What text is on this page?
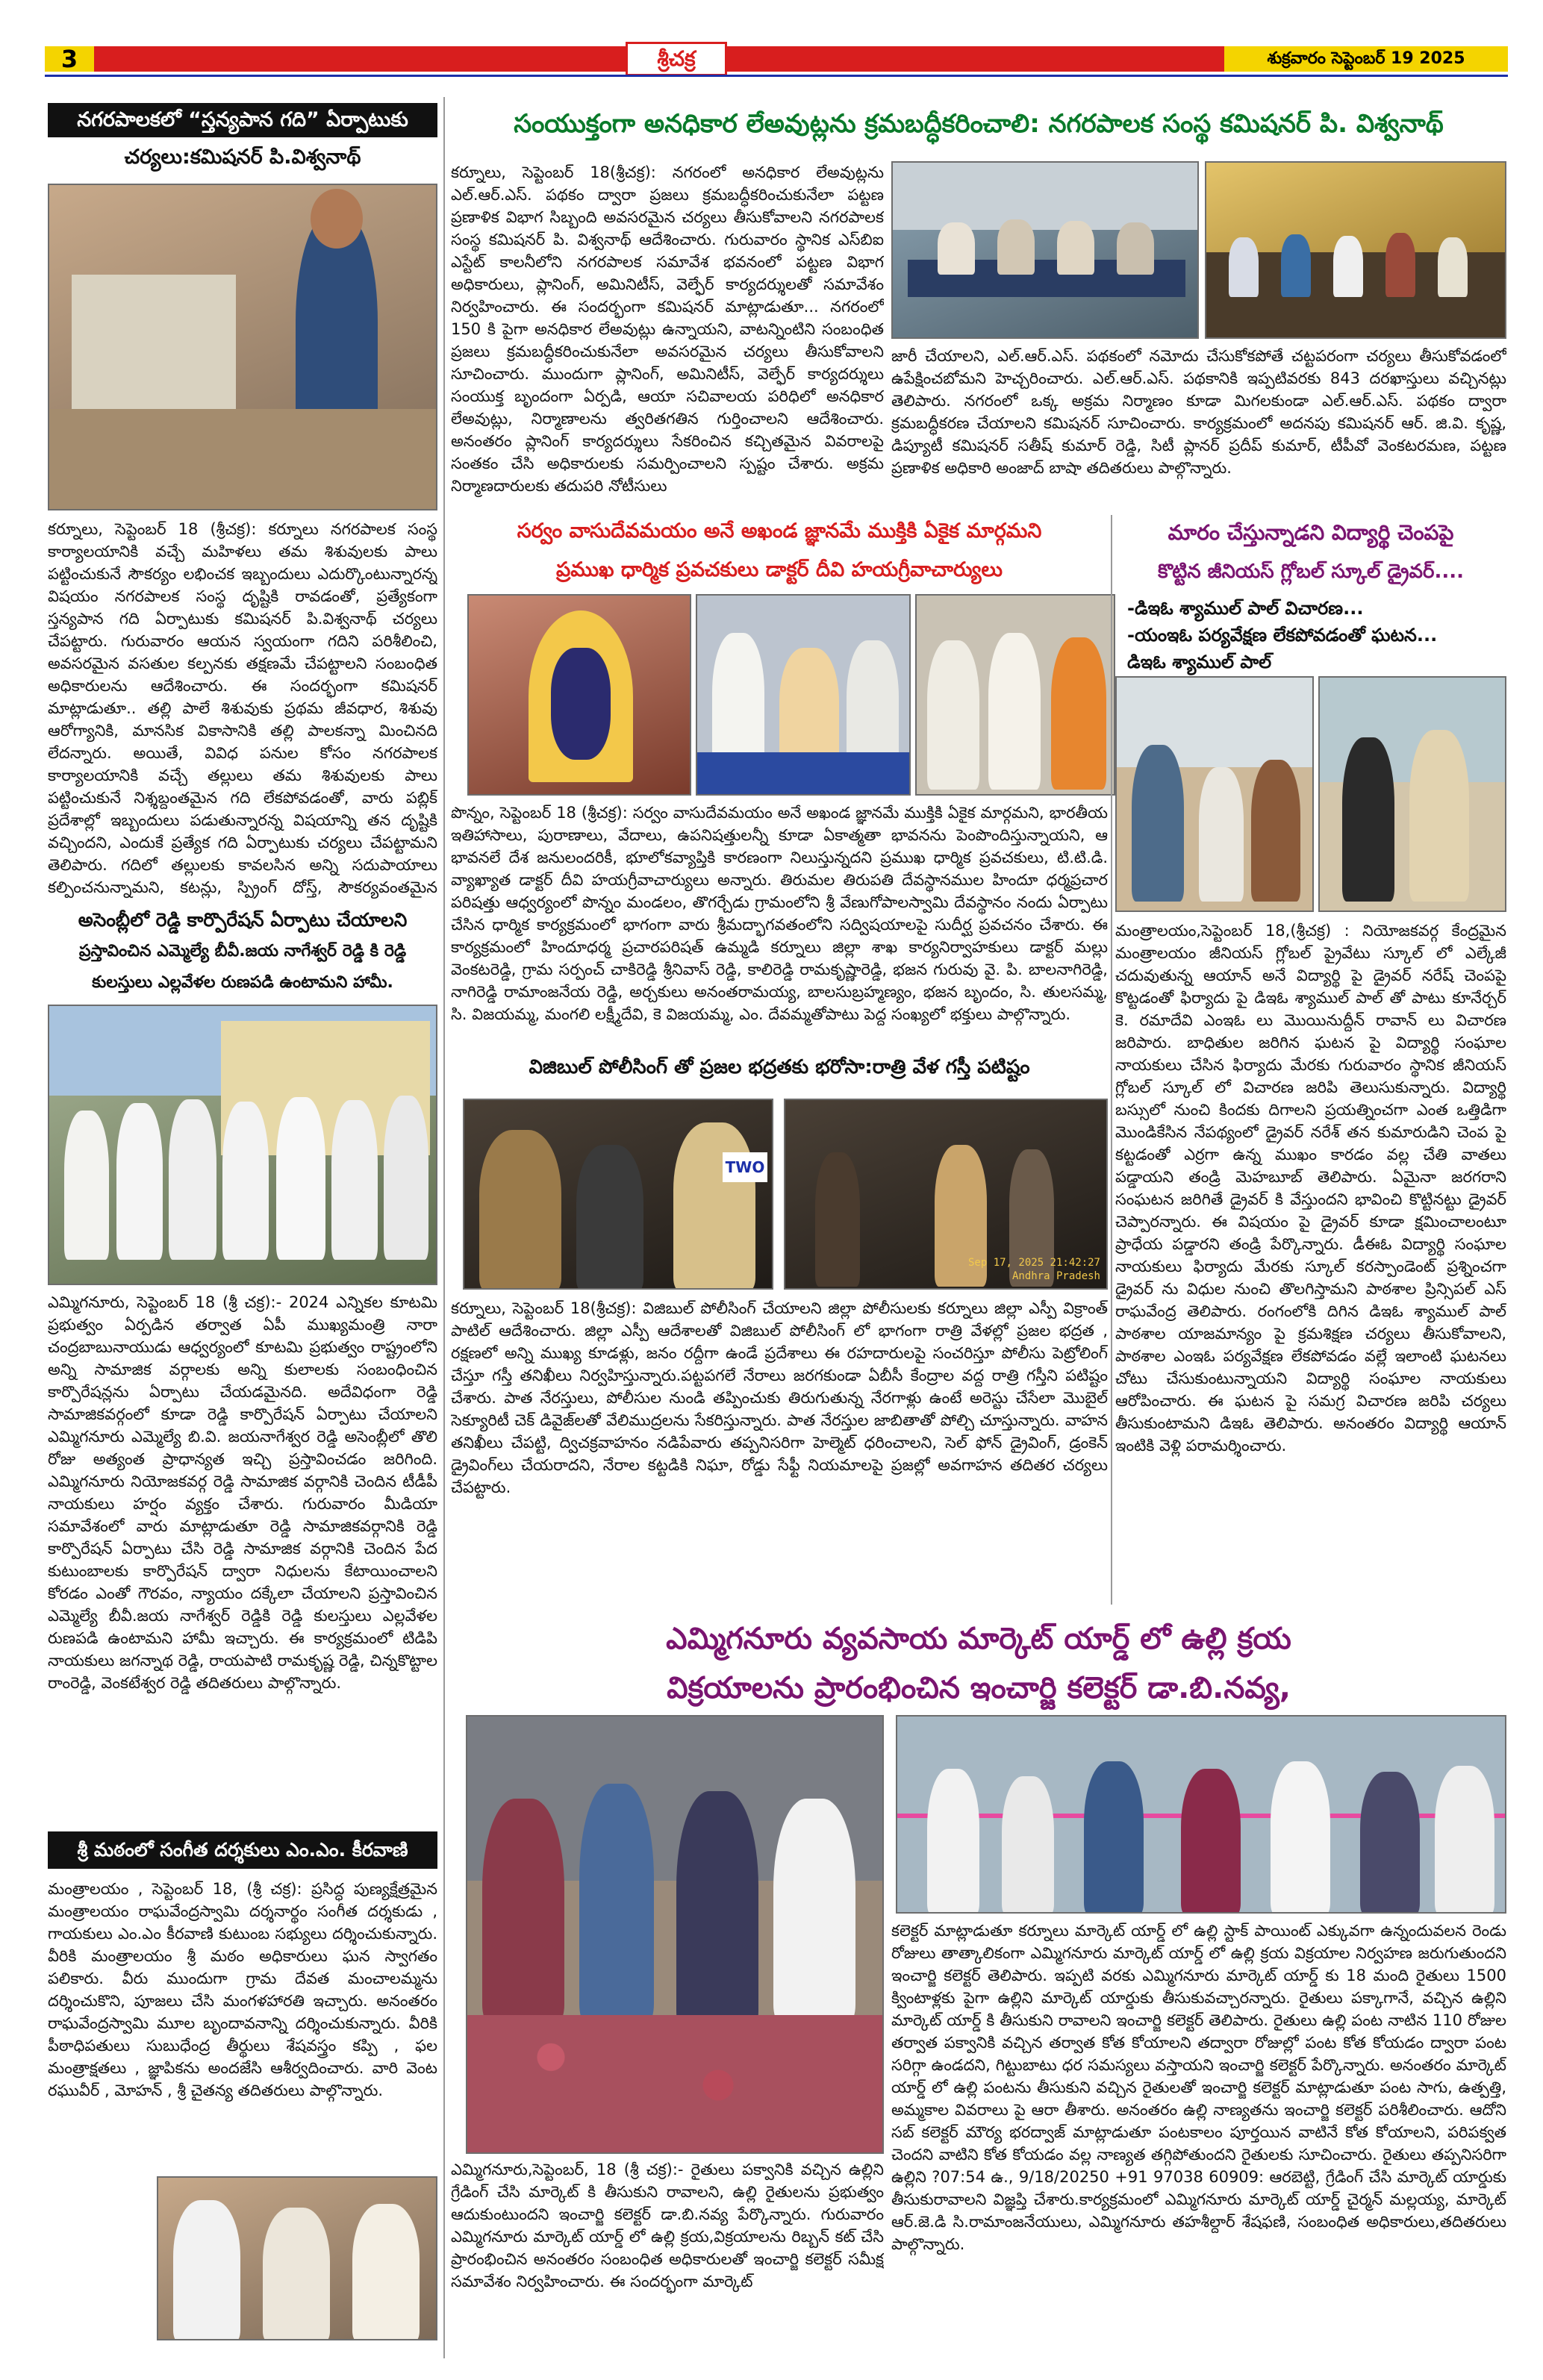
3	శ్రీచక్ర	శుక్రవారం సెప్టెంబర్ 19 2025
నగరపాలకలో “స్తన్యపాన గది” ఏర్పాటుకు
చర్యలు:కమిషనర్ పి.విశ్వనాథ్
కర్నూలు, సెప్టెంబర్ 18 (శ్రీచక్ర): కర్నూలు నగరపాలక సంస్థ కార్యాలయానికి వచ్చే మహిళలు తమ శిశువులకు పాలు పట్టించుకునే సౌకర్యం లభించక ఇబ్బందులు ఎదుర్కొంటున్నారన్న విషయం నగరపాలక సంస్థ దృష్టికి రావడంతో, ప్రత్యేకంగా స్తన్యపాన గది ఏర్పాటుకు కమిషనర్ పి.విశ్వనాథ్ చర్యలు చేపట్టారు. గురువారం ఆయన స్వయంగా గదిని పరిశీలించి, అవసరమైన వసతుల కల్పనకు తక్షణమే చేపట్టాలని సంబంధిత అధికారులను ఆదేశించారు. ఈ సందర్భంగా కమిషనర్ మాట్లాడుతూ.. తల్లి పాలే శిశువుకు ప్రథమ జీవధార, శిశువు ఆరోగ్యానికి, మానసిక వికాసానికి తల్లి పాలకన్నా మించినది లేదన్నారు. అయితే, వివిధ పనుల కోసం నగరపాలక కార్యాలయానికి వచ్చే తల్లులు తమ శిశువులకు పాలు పట్టించుకునే నిశ్శబ్దంతమైన గది లేకపోవడంతో, వారు పబ్లిక్ ప్రదేశాల్లో ఇబ్బందులు పడుతున్నారన్న విషయాన్ని తన దృష్టికి వచ్చిందని, ఎందుకే ప్రత్యేక గది ఏర్పాటుకు చర్యలు చేపట్టామని తెలిపారు. గదిలో తల్లులకు కావలసిన అన్ని సదుపాయాలు కల్పించనున్నామని, కటన్లు, స్ప్రింగ్ దోస్త్, సౌకర్యవంతమైన
అసెంబ్లీలో రెడ్డి కార్పొరేషన్ ఏర్పాటు చేయాలని
ప్రస్తావించిన ఎమ్మెల్యే బీవీ.జయ నాగేశ్వర్ రెడ్డి కి రెడ్డి
కులస్తులు ఎల్లవేళల రుణపడి ఉంటామని హామీ.
ఎమ్మిగనూరు, సెప్టెంబర్ 18 (శ్రీ చక్ర):- 2024 ఎన్నికల కూటమి ప్రభుత్వం ఏర్పడిన తర్వాత ఏపీ ముఖ్యమంత్రి నారా చంద్రబాబునాయుడు ఆధ్వర్యంలో కూటమి ప్రభుత్వం రాష్ట్రంలోని అన్ని సామాజిక వర్గాలకు అన్ని కులాలకు సంబంధించిన కార్పొరేషన్లను ఏర్పాటు చేయడమైనది. అదేవిధంగా రెడ్డి సామాజికవర్గంలో కూడా రెడ్డి కార్పొరేషన్ ఏర్పాటు చేయాలని ఎమ్మిగనూరు ఎమ్మెల్యే బి.వి. జయనాగేశ్వర రెడ్డి అసెంబ్లీలో తొలి రోజు అత్యంత ప్రాధాన్యత ఇచ్చి ప్రస్తావించడం జరిగింది. ఎమ్మిగనూరు నియోజకవర్గ రెడ్డి సామాజిక వర్గానికి చెందిన టీడీపీ నాయకులు హర్షం వ్యక్తం చేశారు. గురువారం మీడియా సమావేశంలో వారు మాట్లాడుతూ రెడ్డి సామాజికవర్గానికి రెడ్డి కార్పొరేషన్ ఏర్పాటు చేసి రెడ్డి సామాజిక వర్గానికి చెందిన పేద కుటుంబాలకు కార్పొరేషన్ ద్వారా నిధులను కేటాయించాలని కోరడం ఎంతో గౌరవం, న్యాయం దక్కేలా చేయాలని ప్రస్తావించిన ఎమ్మెల్యే బీవీ.జయ నాగేశ్వర్ రెడ్డికి రెడ్డి కులస్తులు ఎల్లవేళల రుణపడి ఉంటామని హామీ ఇచ్చారు. ఈ కార్యక్రమంలో టిడిపి నాయకులు జగన్నాథ రెడ్డి, రాయపాటి రామకృష్ణ రెడ్డి, చిన్నకొట్టాల రాంరెడ్డి, వెంకటేశ్వర రెడ్డి తదితరులు పాల్గొన్నారు.
శ్రీ మఠంలో సంగీత దర్శకులు ఎం.ఎం. కీరవాణి
మంత్రాలయం , సెప్టెంబర్ 18, (శ్రీ చక్ర): ప్రసిద్ధ పుణ్యక్షేత్రమైన మంత్రాలయం రాఘవేంద్రస్వామి దర్శనార్థం సంగీత దర్శకుడు , గాయకులు ఎం.ఎం కీరవాణి కుటుంబ సభ్యులు దర్శించుకున్నారు. వీరికి మంత్రాలయం శ్రీ మఠం అధికారులు ఘన స్వాగతం పలికారు. వీరు ముందుగా గ్రామ దేవత మంచాలమ్మను దర్శించుకొని, పూజలు చేసి మంగళహారతి ఇచ్చారు. అనంతరం రాఘవేంద్రస్వామి మూల బృందావనాన్ని దర్శించుకున్నారు. వీరికి పీఠాధిపతులు సుబుధేంద్ర తీర్థులు శేషవస్త్రం కప్పి , ఫల మంత్రాక్షతలు , జ్ఞాపికను అందజేసి ఆశీర్వదించారు. వారి వెంట రఘువీర్ , మోహన్ , శ్రీ చైతన్య తదితరులు పాల్గొన్నారు.
సంయుక్తంగా అనధికార లేఅవుట్లను క్రమబద్ధీకరించాలి: నగరపాలక సంస్థ కమిషనర్ పి. విశ్వనాథ్
కర్నూలు, సెప్టెంబర్ 18(శ్రీచక్ర): నగరంలో అనధికార లేఅవుట్లను ఎల్.ఆర్.ఎస్. పథకం ద్వారా ప్రజలు క్రమబద్ధీకరించుకునేలా పట్టణ ప్రణాళిక విభాగ సిబ్బంది అవసరమైన చర్యలు తీసుకోవాలని నగరపాలక సంస్థ కమిషనర్ పి. విశ్వనాథ్ ఆదేశించారు. గురువారం స్థానిక ఎస్‌బిఐ ఎస్టేట్ కాలనీలోని నగరపాలక సమావేశ భవనంలో పట్టణ విభాగ అధికారులు, ప్లానింగ్, అమినిటీస్, వెల్ఫేర్ కార్యదర్శులతో సమావేశం నిర్వహించారు. ఈ సందర్భంగా కమిషనర్ మాట్లాడుతూ... నగరంలో 150 కి పైగా అనధికార లేఅవుట్లు ఉన్నాయని, వాటన్నింటిని సంబంధిత ప్రజలు క్రమబద్ధీకరించుకునేలా అవసరమైన చర్యలు తీసుకోవాలని సూచించారు. ముందుగా ప్లానింగ్, అమినిటీస్, వెల్ఫేర్ కార్యదర్శులు సంయుక్త బృందంగా ఏర్పడి, ఆయా సచివాలయ పరిధిలో అనధికార లేఅవుట్లు, నిర్మాణాలను త్వరితగతిన గుర్తించాలని ఆదేశించారు. అనంతరం ప్లానింగ్ కార్యదర్శులు సేకరించిన కచ్చితమైన వివరాలపై సంతకం చేసి అధికారులకు సమర్పించాలని స్పష్టం చేశారు. అక్రమ నిర్మాణదారులకు తదుపరి నోటీసులు
జారీ చేయాలని, ఎల్.ఆర్.ఎస్. పథకంలో నమోదు చేసుకోకపోతే చట్టపరంగా చర్యలు తీసుకోవడంలో ఉపేక్షించబోమని హెచ్చరించారు. ఎల్.ఆర్.ఎస్. పథకానికి ఇప్పటివరకు 843 దరఖాస్తులు వచ్చినట్లు తెలిపారు. నగరంలో ఒక్క అక్రమ నిర్మాణం కూడా మిగలకుండా ఎల్.ఆర్.ఎస్. పథకం ద్వారా క్రమబద్ధీకరణ చేయాలని కమిషనర్ సూచించారు. కార్యక్రమంలో అదనపు కమిషనర్ ఆర్. జి.వి. కృష్ణ, డిప్యూటీ కమిషనర్ సతీష్ కుమార్ రెడ్డి, సిటీ ప్లానర్ ప్రదీప్ కుమార్, టీపీవో వెంకటరమణ, పట్టణ ప్రణాళిక అధికారి అంజాద్ బాషా తదితరులు పాల్గొన్నారు.
సర్వం వాసుదేవమయం అనే అఖండ జ్ఞానమే ముక్తికి ఏకైక మార్గమని
ప్రముఖ ధార్మిక ప్రవచకులు డాక్టర్ దీవి హయగ్రీవాచార్యులు
పొన్నం, సెప్టెంబర్ 18 (శ్రీచక్ర): సర్వం వాసుదేవమయం అనే అఖండ జ్ఞానమే ముక్తికి ఏకైక మార్గమని, భారతీయ ఇతిహాసాలు, పురాణాలు, వేదాలు, ఉపనిషత్తులన్నీ కూడా ఏకాత్మతా భావనను పెంపొందిస్తున్నాయని, ఆ భావనలే దేశ జనులందరికీ, భూలోకవ్యాప్తికి కారణంగా నిలుస్తున్నదని ప్రముఖ ధార్మిక ప్రవచకులు, టి.టి.డి. వ్యాఖ్యాత డాక్టర్ దీవి హయగ్రీవాచార్యులు అన్నారు. తిరుమల తిరుపతి దేవస్థానముల హిందూ ధర్మప్రచార పరిషత్తు ఆధ్వర్యంలో పొన్నం మండలం, తొగర్చేడు గ్రామంలోని శ్రీ వేణుగోపాలస్వామి దేవస్థానం నందు ఏర్పాటు చేసిన ధార్మిక కార్యక్రమంలో భాగంగా వారు శ్రీమద్భాగవతంలోని సద్విషయాలపై సుదీర్ఘ ప్రవచనం చేశారు. ఈ కార్యక్రమంలో హిందూధర్మ ప్రచారపరిషత్ ఉమ్మడి కర్నూలు జిల్లా శాఖ కార్యనిర్వాహకులు డాక్టర్ మల్లు వెంకటరెడ్డి, గ్రామ సర్పంచ్ చాకిరెడ్డి శ్రీనివాస్ రెడ్డి, కాలిరెడ్డి రామకృష్ణారెడ్డి, భజన గురువు వై. పి. బాలనాగిరెడ్డి, నాగిరెడ్డి రామాంజనేయ రెడ్డి, అర్చకులు అనంతరామయ్య, బాలసుబ్రహ్మణ్యం, భజన బృందం, సి. తులసమ్మ, సి. విజయమ్మ, మంగలి లక్ష్మీదేవి, కె విజయమ్మ, ఎం. దేవమ్మతోపాటు పెద్ద సంఖ్యలో భక్తులు పాల్గొన్నారు.
విజిబుల్ పోలీసింగ్ తో ప్రజల భద్రతకు భరోసా:రాత్రి వేళ గస్తీ పటిష్టం
TWO
Sep 17, 2025 21:42:27
Andhra Pradesh
కర్నూలు, సెప్టెంబర్ 18(శ్రీచక్ర): విజిబుల్ పోలీసింగ్ చేయాలని జిల్లా పోలీసులకు కర్నూలు జిల్లా ఎస్పీ విక్రాంత్ పాటిల్ ఆదేశించారు. జిల్లా ఎస్పీ ఆదేశాలతో విజిబుల్ పోలీసింగ్ లో భాగంగా రాత్రి వేళల్లో ప్రజల భద్రత , రక్షణలో అన్ని ముఖ్య కూడళ్లు, జనం రద్దీగా ఉండే ప్రదేశాలు ఈ రహదారులపై సంచరిస్తూ పోలీసు పెట్రోలింగ్ చేస్తూ గస్తీ తనిఖీలు నిర్వహిస్తున్నారు.పట్టపగలే నేరాలు జరగకుండా ఏబీసీ కేంద్రాల వద్ద రాత్రి గస్తీని పటిష్టం చేశారు. పాత నేరస్తులు, పోలీసుల నుండి తప్పించుకు తిరుగుతున్న నేరగాళ్లు ఉంటే అరెస్టు చేసేలా మొబైల్ సెక్యూరిటీ చెక్ డివైజ్‌లతో వేలిముద్రలను సేకరిస్తున్నారు. పాత నేరస్తుల జాబితాతో పోల్చి చూస్తున్నారు. వాహన తనిఖీలు చేపట్టి, ద్విచక్రవాహనం నడిపేవారు తప్పనిసరిగా హెల్మెట్ ధరించాలని, సెల్ ఫోన్ డ్రైవింగ్, డ్రంకెన్ డ్రైవింగ్‌లు చేయరాదని, నేరాల కట్టడికి నిఘా, రోడ్డు సేఫ్టీ నియమాలపై ప్రజల్లో అవగాహన తదితర చర్యలు చేపట్టారు.
మారం చేస్తున్నాడని విద్యార్థి చెంపపై
కొట్టిన జీనియస్ గ్లోబల్ స్కూల్ డ్రైవర్....
-డిఇఓ శ్యాముల్ పాల్ విచారణ...
-యంఇఓ పర్యవేక్షణ లేకపోవడంతో ఘటన...
డిఇఓ శ్యాముల్ పాల్
మంత్రాలయం,సెప్టెంబర్ 18,(శ్రీచక్ర) : నియోజకవర్గ కేంద్రమైన మంత్రాలయం జీనియస్ గ్లోబల్ ప్రైవేటు స్కూల్ లో ఎల్కేజీ చదువుతున్న ఆయాన్ అనే విద్యార్థి పై డ్రైవర్ నరేష్ చెంపపై కొట్టడంతో ఫిర్యాదు పై డిఇఓ శ్యాముల్ పాల్ తో పాటు కూనేర్చర్ కె. రమాదేవి ఎంఇఓ లు మొయినుద్దీన్ రావాన్ లు విచారణ జరిపారు. బాధితుల జరిగిన ఘటన పై విద్యార్థి సంఘాల నాయకులు చేసిన ఫిర్యాదు మేరకు గురువారం స్థానిక జీనియస్ గ్లోబల్ స్కూల్ లో విచారణ జరిపి తెలుసుకున్నారు. విద్యార్థి బస్సులో నుంచి కిందకు దిగాలని ప్రయత్నించగా ఎంత ఒత్తిడిగా మొండికేసిన నేపథ్యంలో డ్రైవర్ నరేశ్ తన కుమారుడిని చెంప పై కట్టడంతో ఎర్రగా ఉన్న ముఖం కారడం వల్ల చేతి వాతలు పడ్డాయని తండ్రి మెహబూబ్ తెలిపారు. ఏమైనా జరగరాని సంఘటన జరిగితే డ్రైవర్ కి వేస్తుందని భావించి కొట్టినట్టు డ్రైవర్ చెప్పారన్నారు. ఈ విషయం పై డ్రైవర్ కూడా క్షమించాలంటూ ప్రాధేయ పడ్డారని తండ్రి పేర్కొన్నారు. డీఈఓ విద్యార్థి సంఘాల నాయకులు ఫిర్యాదు మేరకు స్కూల్ కరస్పాండెంట్ ప్రశ్నించగా డ్రైవర్ ను విధుల నుంచి తొలగిస్తామని పాఠశాల ప్రిన్సిపల్ ఎస్ రాఘవేంద్ర తెలిపారు. రంగంలోకి దిగిన డిఇఓ శ్యాముల్ పాల్ పాఠశాల యాజమాన్యం పై క్రమశిక్షణ చర్యలు తీసుకోవాలని, పాఠశాల ఎంఇఓ పర్యవేక్షణ లేకపోవడం వల్లే ఇలాంటి ఘటనలు చోటు చేసుకుంటున్నాయని విద్యార్థి సంఘాల నాయకులు ఆరోపించారు. ఈ ఘటన పై సమగ్ర విచారణ జరిపి చర్యలు తీసుకుంటామని డిఇఓ తెలిపారు. అనంతరం విద్యార్థి ఆయాన్ ఇంటికి వెళ్లి పరామర్శించారు.
ఎమ్మిగనూరు వ్యవసాయ మార్కెట్ యార్డ్ లో ఉల్లి క్రయ
విక్రయాలను ప్రారంభించిన ఇంచార్జి కలెక్టర్ డా.బి.నవ్య,
కలెక్టర్ మాట్లాడుతూ కర్నూలు మార్కెట్ యార్డ్ లో ఉల్లి స్టాక్ పాయింట్ ఎక్కువగా ఉన్నందువలన రెండు రోజులు తాత్కాలికంగా ఎమ్మిగనూరు మార్కెట్ యార్డ్ లో ఉల్లి క్రయ విక్రయాల నిర్వహణ జరుగుతుందని ఇంచార్జి కలెక్టర్ తెలిపారు. ఇప్పటి వరకు ఎమ్మిగనూరు మార్కెట్ యార్డ్ కు 18 మంది రైతులు 1500 క్వింటాళ్లకు పైగా ఉల్లిని మార్కెట్ యార్డుకు తీసుకువచ్చారన్నారు. రైతులు పక్కాగానే, వచ్చిన ఉల్లిని మార్కెట్ యార్డ్ కి తీసుకుని రావాలని ఇంచార్జి కలెక్టర్ తెలిపారు. రైతులు ఉల్లి పంట నాటిన 110 రోజుల తర్వాత పక్వానికి వచ్చిన తర్వాత కోత కోయాలని తద్వారా రోజుల్లో పంట కోత కోయడం ద్వారా పంట సరిగ్గా ఉండదని, గిట్టుబాటు ధర సమస్యలు వస్తాయని ఇంచార్జి కలెక్టర్ పేర్కొన్నారు. అనంతరం మార్కెట్ యార్డ్ లో ఉల్లి పంటను తీసుకుని వచ్చిన రైతులతో ఇంచార్జి కలెక్టర్ మాట్లాడుతూ పంట సాగు, ఉత్పత్తి, అమ్మకాల వివరాలు పై ఆరా తీశారు. అనంతరం ఉల్లి నాణ్యతను ఇంచార్జి కలెక్టర్ పరిశీలించారు. ఆదోని సబ్ కలెక్టర్ మౌర్య భరద్వాజ్ మాట్లాడుతూ పంటకాలం పూర్తయిన వాటినే కోత కోయాలని, పరిపక్వత చెందని వాటిని కోత కోయడం వల్ల నాణ్యత తగ్గిపోతుందని రైతులకు సూచించారు. రైతులు తప్పనిసరిగా ఉల్లిని ?07:54 ఉ., 9/18/20250 +91 97038 60909: ఆరబెట్టి, గ్రేడింగ్ చేసి మార్కెట్ యార్డుకు తీసుకురావాలని విజ్ఞప్తి చేశారు.కార్యక్రమంలో ఎమ్మిగనూరు మార్కెట్ యార్డ్ చైర్మన్ మల్లయ్య, మార్కెట్ ఆర్.జె.డి సి.రామాంజనేయులు, ఎమ్మిగనూరు తహశీల్దార్ శేషఫణి, సంబంధిత అధికారులు,తదితరులు పాల్గొన్నారు.
ఎమ్మిగనూరు,సెప్టెంబర్, 18 (శ్రీ చక్ర):- రైతులు పక్వానికి వచ్చిన ఉల్లిని గ్రేడింగ్ చేసి మార్కెట్ కి తీసుకుని రావాలని, ఉల్లి రైతులను ప్రభుత్వం ఆదుకుంటుందని ఇంచార్జి కలెక్టర్ డా.బి.నవ్య పేర్కొన్నారు. గురువారం ఎమ్మిగనూరు మార్కెట్ యార్డ్ లో ఉల్లి క్రయ,విక్రయాలను రిబ్బన్ కట్ చేసి ప్రారంభించిన అనంతరం సంబంధిత అధికారులతో ఇంచార్జి కలెక్టర్ సమీక్ష సమావేశం నిర్వహించారు. ఈ సందర్భంగా మార్కెట్
